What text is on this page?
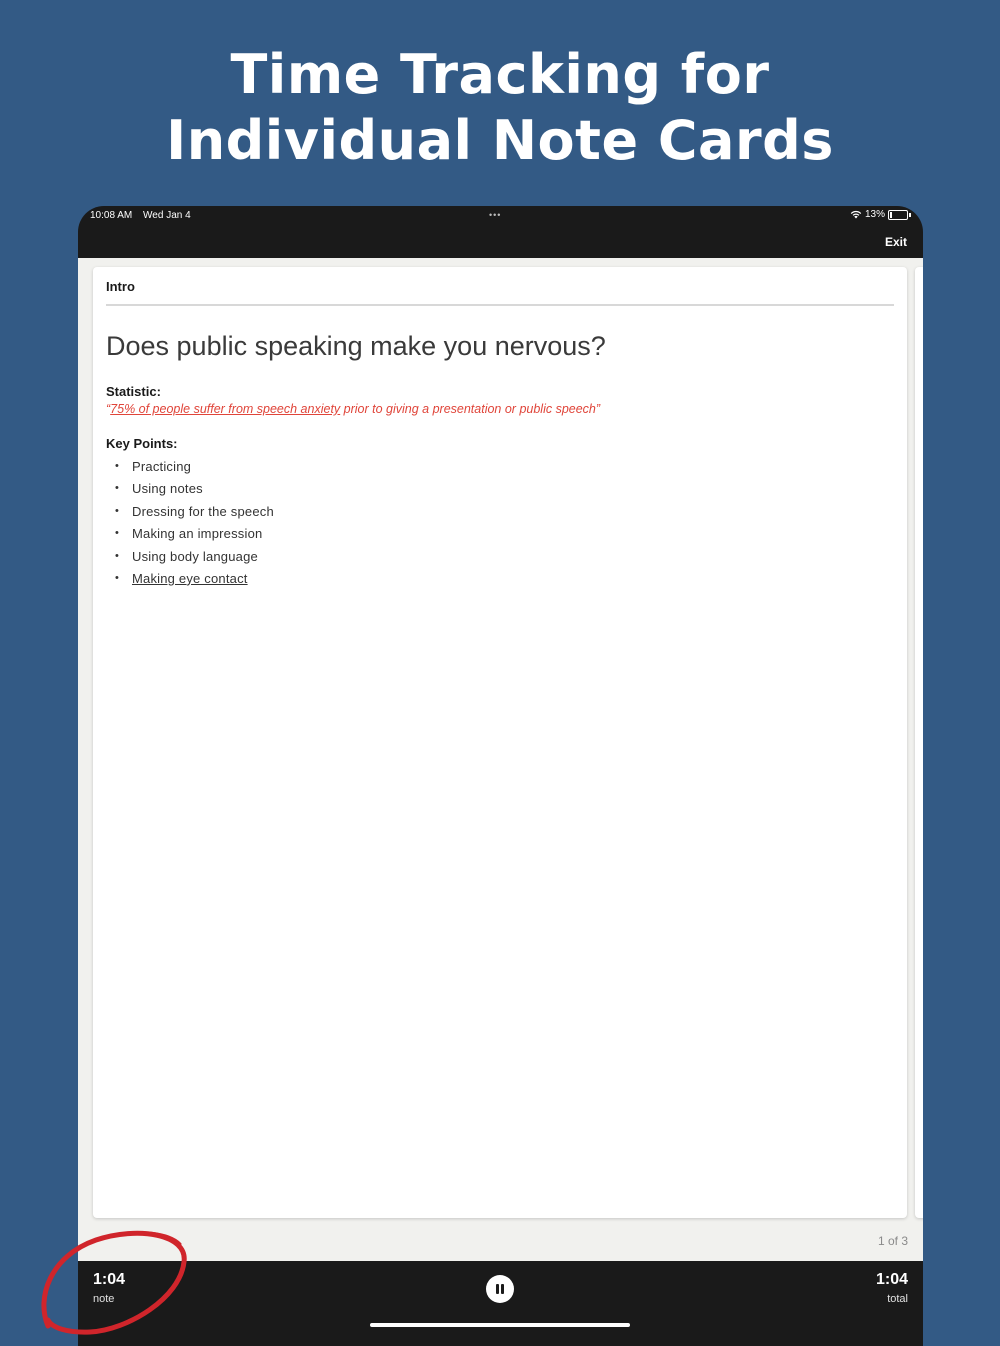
Time Tracking for
Individual Note Cards
10:08 AM Wed Jan 4	•••	13%
Exit
Intro
Does public speaking make you nervous?
Statistic:
“75% of people suffer from speech anxiety prior to giving a presentation or public speech”
Key Points:
• Practicing
• Using notes
• Dressing for the speech
• Making an impression
• Using body language
• Making eye contact
1 of 3
1:04
note
1:04
total
